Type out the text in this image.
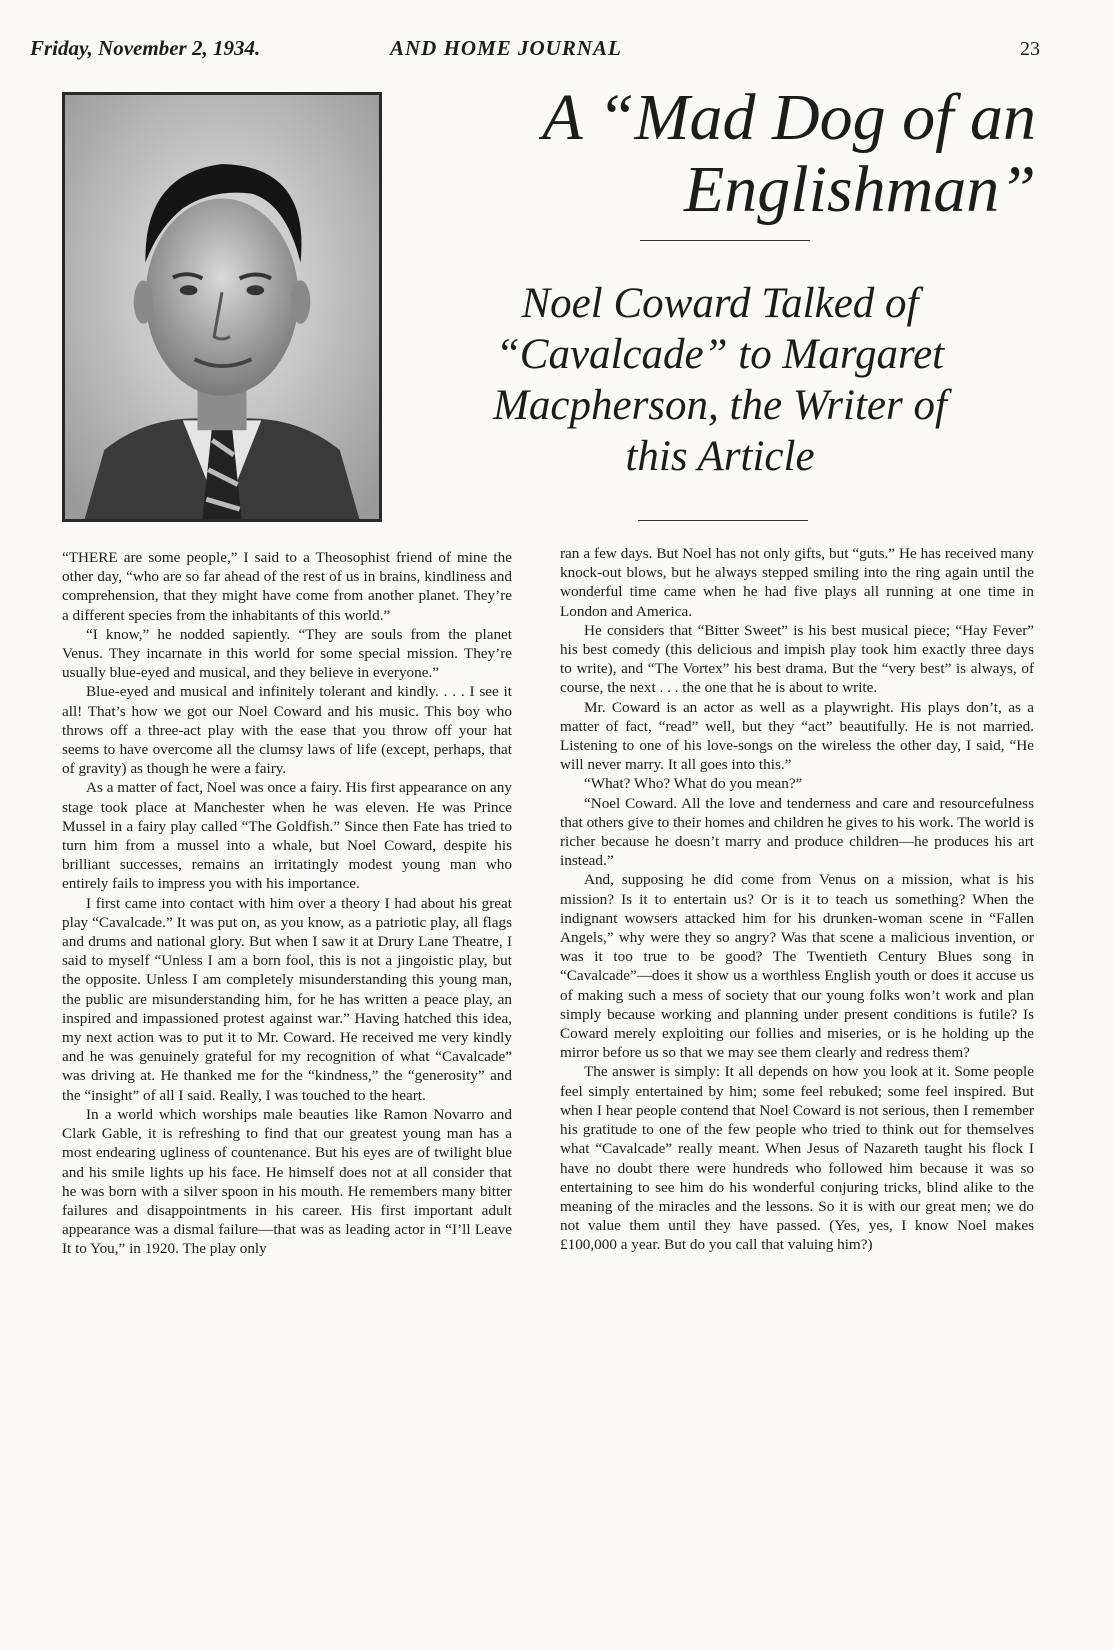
Friday, November 2, 1934.	AND HOME JOURNAL	23
A “Mad Dog of an
Englishman”
Noel Coward Talked of
“Cavalcade” to Margaret
Macpherson, the Writer of
this Article

“THERE are some people,” I said to a Theosophist friend of mine the other day, “who are so far ahead of the rest of us in brains, kindliness and comprehension, that they might have come from another planet. They’re a different species from the inhabitants of this world.”

“I know,” he nodded sapiently. “They are souls from the planet Venus. They incarnate in this world for some special mission. They’re usually blue-eyed and musical, and they believe in everyone.”

Blue-eyed and musical and infinitely tolerant and kindly. . . . I see it all! That’s how we got our Noel Coward and his music. This boy who throws off a three-act play with the ease that you throw off your hat seems to have overcome all the clumsy laws of life (except, perhaps, that of gravity) as though he were a fairy.

As a matter of fact, Noel was once a fairy. His first appearance on any stage took place at Manchester when he was eleven. He was Prince Mussel in a fairy play called “The Goldfish.” Since then Fate has tried to turn him from a mussel into a whale, but Noel Coward, despite his brilliant successes, remains an irritatingly modest young man who entirely fails to impress you with his importance.

I first came into contact with him over a theory I had about his great play “Cavalcade.” It was put on, as you know, as a patriotic play, all flags and drums and national glory. But when I saw it at Drury Lane Theatre, I said to myself “Unless I am a born fool, this is not a jingoistic play, but the opposite. Unless I am completely misunderstanding this young man, the public are misunderstanding him, for he has written a peace play, an inspired and impassioned protest against war.” Having hatched this idea, my next action was to put it to Mr. Coward. He received me very kindly and he was genuinely grateful for my recognition of what “Cavalcade” was driving at. He thanked me for the “kindness,” the “generosity” and the “insight” of all I said. Really, I was touched to the heart.

In a world which worships male beauties like Ramon Novarro and Clark Gable, it is refreshing to find that our greatest young man has a most endearing ugliness of countenance. But his eyes are of twilight blue and his smile lights up his face. He himself does not at all consider that he was born with a silver spoon in his mouth. He remembers many bitter failures and disappointments in his career. His first important adult appearance was a dismal failure—that was as leading actor in “I’ll Leave It to You,” in 1920. The play only

ran a few days. But Noel has not only gifts, but “guts.” He has received many knock-out blows, but he always stepped smiling into the ring again until the wonderful time came when he had five plays all running at one time in London and America.

He considers that “Bitter Sweet” is his best musical piece; “Hay Fever” his best comedy (this delicious and impish play took him exactly three days to write), and “The Vortex” his best drama. But the “very best” is always, of course, the next . . . the one that he is about to write.

Mr. Coward is an actor as well as a playwright. His plays don’t, as a matter of fact, “read” well, but they “act” beautifully. He is not married. Listening to one of his love-songs on the wireless the other day, I said, “He will never marry. It all goes into this.”

“What? Who? What do you mean?”

“Noel Coward. All the love and tenderness and care and resourcefulness that others give to their homes and children he gives to his work. The world is richer because he doesn’t marry and produce children—he produces his art instead.”

And, supposing he did come from Venus on a mission, what is his mission? Is it to entertain us? Or is it to teach us something? When the indignant wowsers attacked him for his drunken-woman scene in “Fallen Angels,” why were they so angry? Was that scene a malicious invention, or was it too true to be good? The Twentieth Century Blues song in “Cavalcade”—does it show us a worthless English youth or does it accuse us of making such a mess of society that our young folks won’t work and plan simply because working and planning under present conditions is futile? Is Coward merely exploiting our follies and miseries, or is he holding up the mirror before us so that we may see them clearly and redress them?

The answer is simply: It all depends on how you look at it. Some people feel simply entertained by him; some feel rebuked; some feel inspired. But when I hear people contend that Noel Coward is not serious, then I remember his gratitude to one of the few people who tried to think out for themselves what “Cavalcade” really meant. When Jesus of Nazareth taught his flock I have no doubt there were hundreds who followed him because it was so entertaining to see him do his wonderful conjuring tricks, blind alike to the meaning of the miracles and the lessons. So it is with our great men; we do not value them until they have passed. (Yes, yes, I know Noel makes £100,000 a year. But do you call that valuing him?)
